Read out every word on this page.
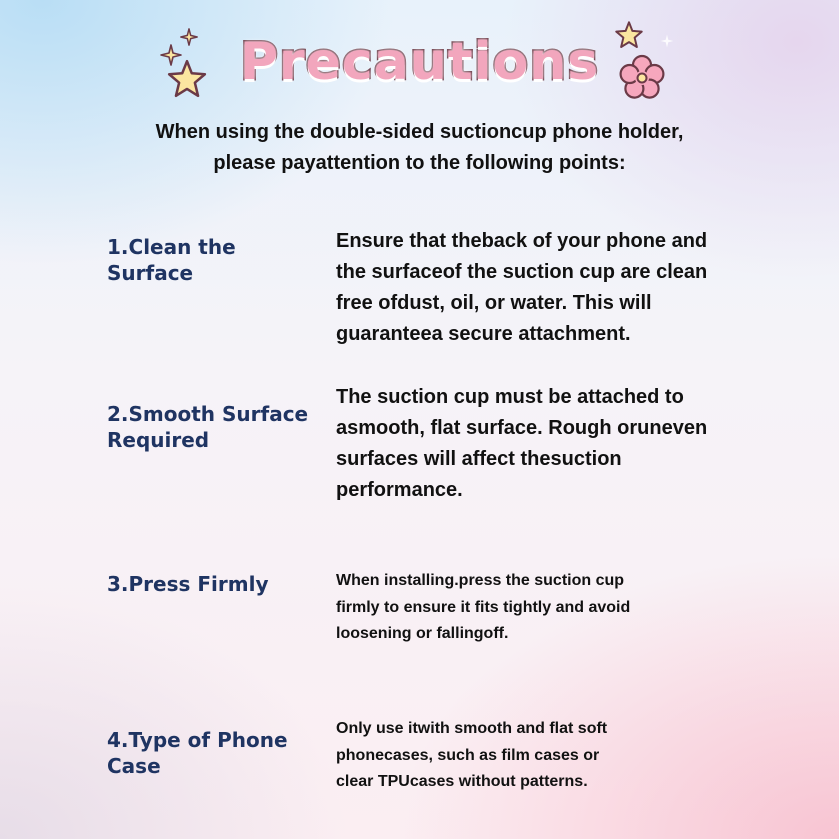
Precautions
When using the double-sided suctioncup phone holder,
please payattention to the following points:
1.Clean the Surface
Ensure that theback of your phone and
the surfaceof the suction cup are clean
free ofdust, oil, or water. This will
guaranteea secure attachment.
2.Smooth Surface
Required
The suction cup must be attached to
asmooth, flat surface. Rough oruneven
surfaces will affect thesuction
performance.
3.Press Firmly	When installing.press the suction cup
firmly to ensure it fits tightly and avoid
loosening or fallingoff.
4.Type of Phone
Case
Only use itwith smooth and flat soft
phonecases, such as film cases or
clear TPUcases without patterns.
